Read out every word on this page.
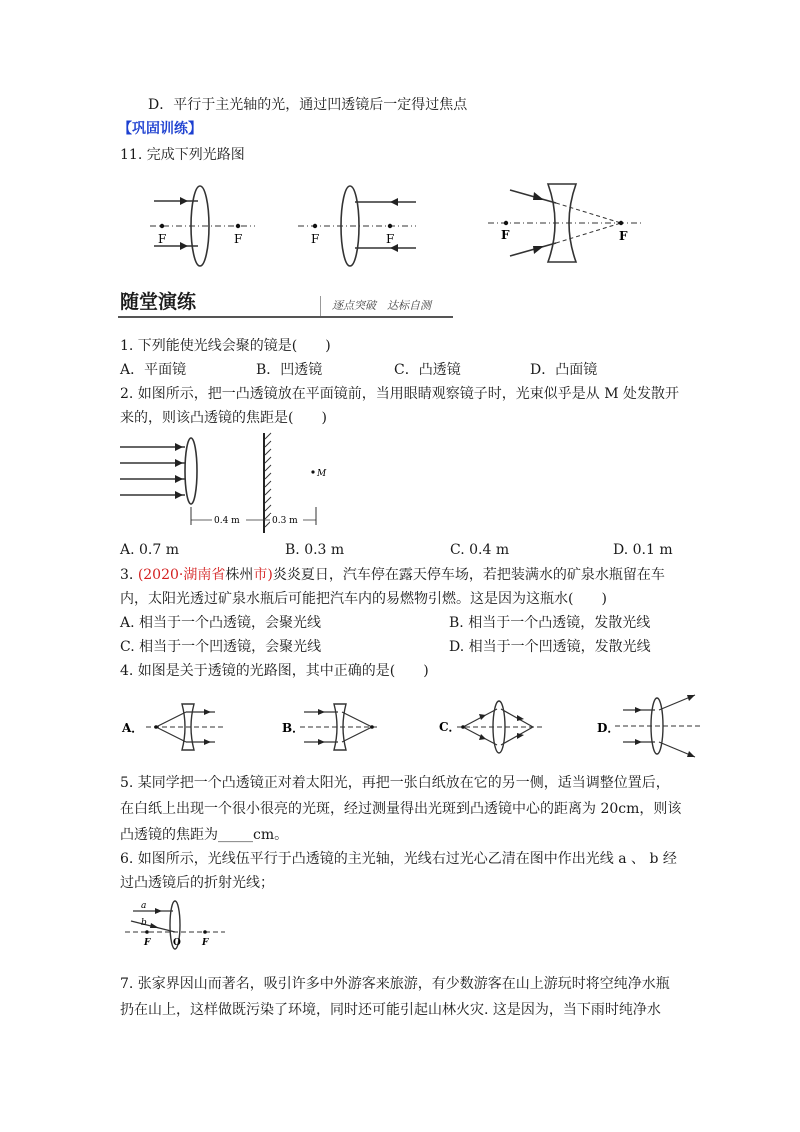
D．平行于主光轴的光，通过凹透镜后一定得过焦点
【巩固训练】
11. 完成下列光路图
F	F	F	F	F	F
随堂演练	逐点突破　达标自测
1. 下列能使光线会聚的镜是(　　)
A．平面镜	B．凹透镜	C．凸透镜	D．凸面镜
2. 如图所示，把一凸透镜放在平面镜前，当用眼睛观察镜子时，光束似乎是从 M 处发散开
来的，则该凸透镜的焦距是(　　)
M
0.4 m	0.3 m
A. 0.7 m	B. 0.3 m	C. 0.4 m	D. 0.1 m
3. (2020·湖南省株州市)炎炎夏日，汽车停在露天停车场，若把装满水的矿泉水瓶留在车
内，太阳光透过矿泉水瓶后可能把汽车内的易燃物引燃。这是因为这瓶水(　　)
A. 相当于一个凸透镜，会聚光线	B. 相当于一个凸透镜，发散光线
C. 相当于一个凹透镜，会聚光线	D. 相当于一个凹透镜，发散光线
4. 如图是关于透镜的光路图，其中正确的是(　　)
A．	B．	C．	D．
5. 某同学把一个凸透镜正对着太阳光，再把一张白纸放在它的另一侧，适当调整位置后，
在白纸上出现一个很小很亮的光斑，经过测量得出光斑到凸透镜中心的距离为 20cm，则该
凸透镜的焦距为_____cm。
6. 如图所示，光线伍平行于凸透镜的主光轴，光线右过光心乙清在图中作出光线 a 、 b 经
过凸透镜后的折射光线；
a
b
F	F
O
7. 张家界因山而著名，吸引许多中外游客来旅游，有少数游客在山上游玩时将空纯净水瓶
扔在山上，这样做既污染了环境，同时还可能引起山林火灾. 这是因为，当下雨时纯净水
